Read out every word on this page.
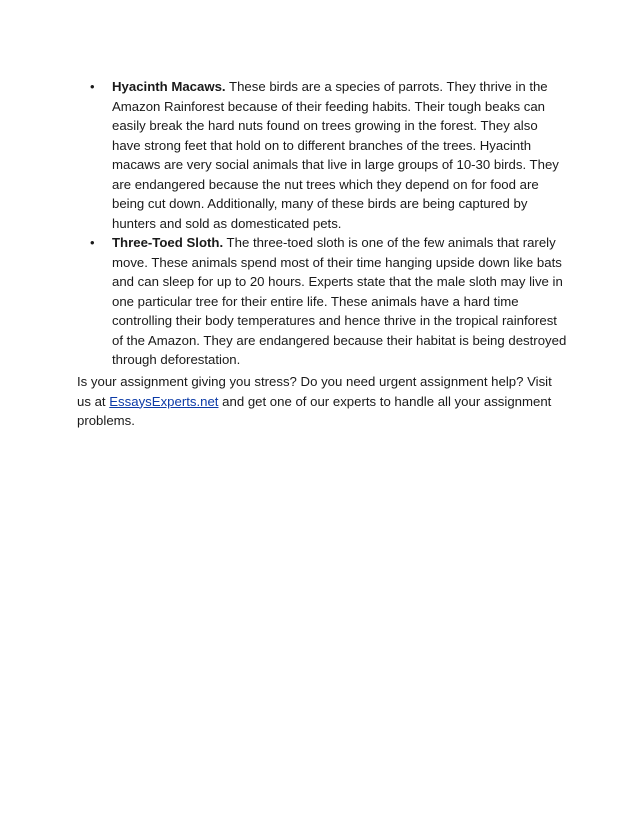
• Hyacinth Macaws. These birds are a species of parrots. They thrive in the Amazon Rainforest because of their feeding habits. Their tough beaks can easily break the hard nuts found on trees growing in the forest. They also have strong feet that hold on to different branches of the trees. Hyacinth macaws are very social animals that live in large groups of 10-30 birds. They are endangered because the nut trees which they depend on for food are being cut down. Additionally, many of these birds are being captured by hunters and sold as domesticated pets.
• Three-Toed Sloth. The three-toed sloth is one of the few animals that rarely move. These animals spend most of their time hanging upside down like bats and can sleep for up to 20 hours. Experts state that the male sloth may live in one particular tree for their entire life. These animals have a hard time controlling their body temperatures and hence thrive in the tropical rainforest of the Amazon. They are endangered because their habitat is being destroyed through deforestation.

Is your assignment giving you stress? Do you need urgent assignment help? Visit us at EssaysExperts.net and get one of our experts to handle all your assignment problems.
